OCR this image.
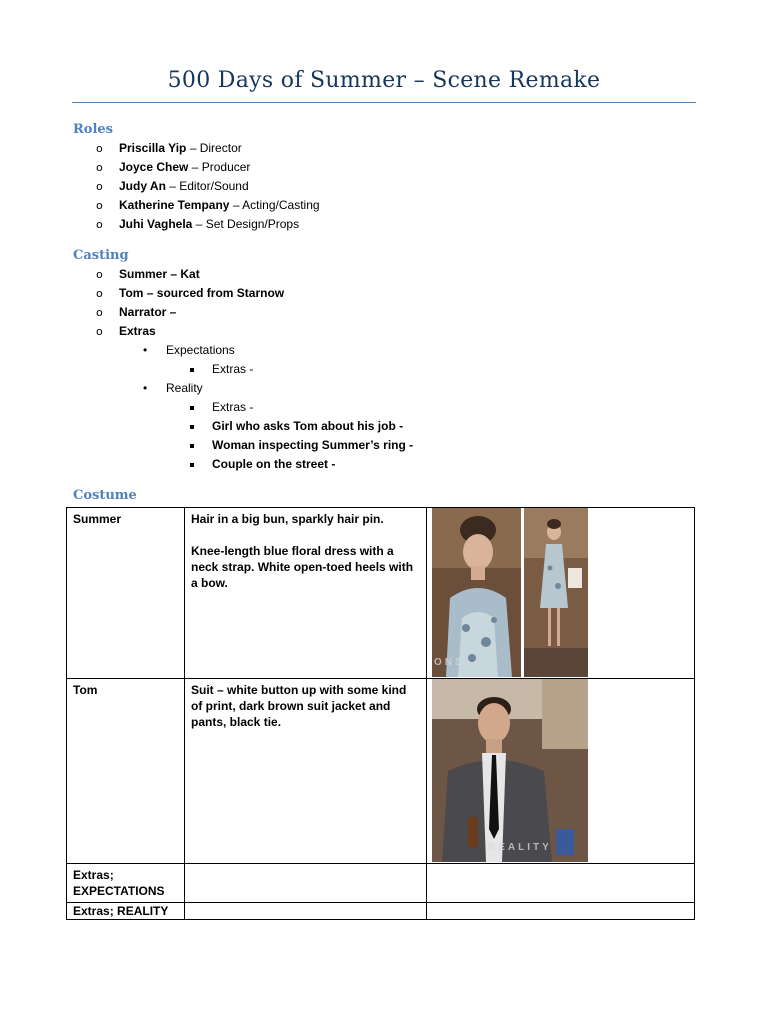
500 Days of Summer – Scene Remake
Roles
o Priscilla Yip – Director
o Joyce Chew – Producer
o Judy An – Editor/Sound
o Katherine Tempany – Acting/Casting
o Juhi Vaghela – Set Design/Props
Casting
o Summer – Kat
o Tom – sourced from Starnow
o Narrator –
o Extras
• Expectations
Extras -
• Reality
Extras -
Girl who asks Tom about his job -
Woman inspecting Summer’s ring -
Couple on the street -
Costume
Summer	Hair in a big bun, sparkly hair pin.
Knee-length blue floral dress with a neck strap. White open-toed heels with a bow.	ONS

Tom	Suit – white button up with some kind of print, dark brown suit jacket and pants, black tie.	REALITY

Extras; EXPECTATIONS		
Extras; REALITY		
